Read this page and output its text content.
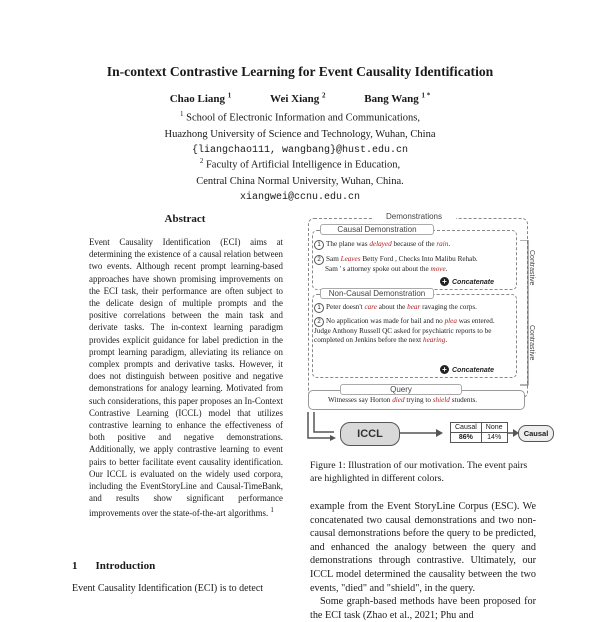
In-context Contrastive Learning for Event Causality Identification
Chao Liang $^1$	Wei Xiang $^2$	Bang Wang $^{1 *}$
$^1$ School of Electronic Information and Communications,
Huazhong University of Science and Technology, Wuhan, China
{liangchao111, wangbang}@hust.edu.cn
$^2$ Faculty of Artificial Intelligence in Education,
Central China Normal University, Wuhan, China.
xiangwei@ccnu.edu.cn
Abstract
Event Causality Identification (ECI) aims at determining the existence of a causal relation between two events. Although recent prompt learning-based approaches have shown promising improvements on the ECI task, their performance are often subject to the delicate design of multiple prompts and the positive correlations between the main task and derivate tasks. The in-context learning paradigm provides explicit guidance for label prediction in the prompt learning paradigm, alleviating its reliance on complex prompts and derivative tasks. However, it does not distinguish between positive and negative demonstrations for analogy learning. Motivated from such considerations, this paper proposes an In-Context Contrastive Learning (ICCL) model that utilizes contrastive learning to enhance the effectiveness of both positive and negative demonstrations. Additionally, we apply contrastive learning to event pairs to better facilitate event causality identification. Our ICCL is evaluated on the widely used corpora, including the EventStoryLine and Causal-TimeBank, and results show significant performance improvements over the state-of-the-art algorithms. $^1$
1 Introduction
Event Causality Identification (ECI) is to detect
Demonstrations
Causal Demonstration
1 The plane was delayed because of the rain.
2 Sam Leaves Betty Ford , Checks Into Malibu Rehab.
Sam ' s attorney spoke out about the move.
+ Concatenate
Non-Causal Demonstration
1 Peter doesn't care about the bear ravaging the corps.
2 No application was made for bail and no plea was entered. Judge Anthony Russell QC asked for psychiatric reports to be completed on Jenkins before the next hearing.
+ Concatenate
Contrastive
Contrastive
Query
Witnesses say Horton died trying to shield students.
ICCL
Causal	None
86%	14%	Causal
Figure 1: Illustration of our motivation. The event pairs are highlighted in different colors.

example from the Event StoryLine Corpus (ESC). We concatenated two causal demonstrations and two non-causal demonstrations before the query to be predicted, and enhanced the analogy between the query and demonstrations through contrastive. Ultimately, our ICCL model determined the causality between the two events, "died" and "shield", in the query.

Some graph-based methods have been proposed for the ECI task (Zhao et al., 2021; Phu and
